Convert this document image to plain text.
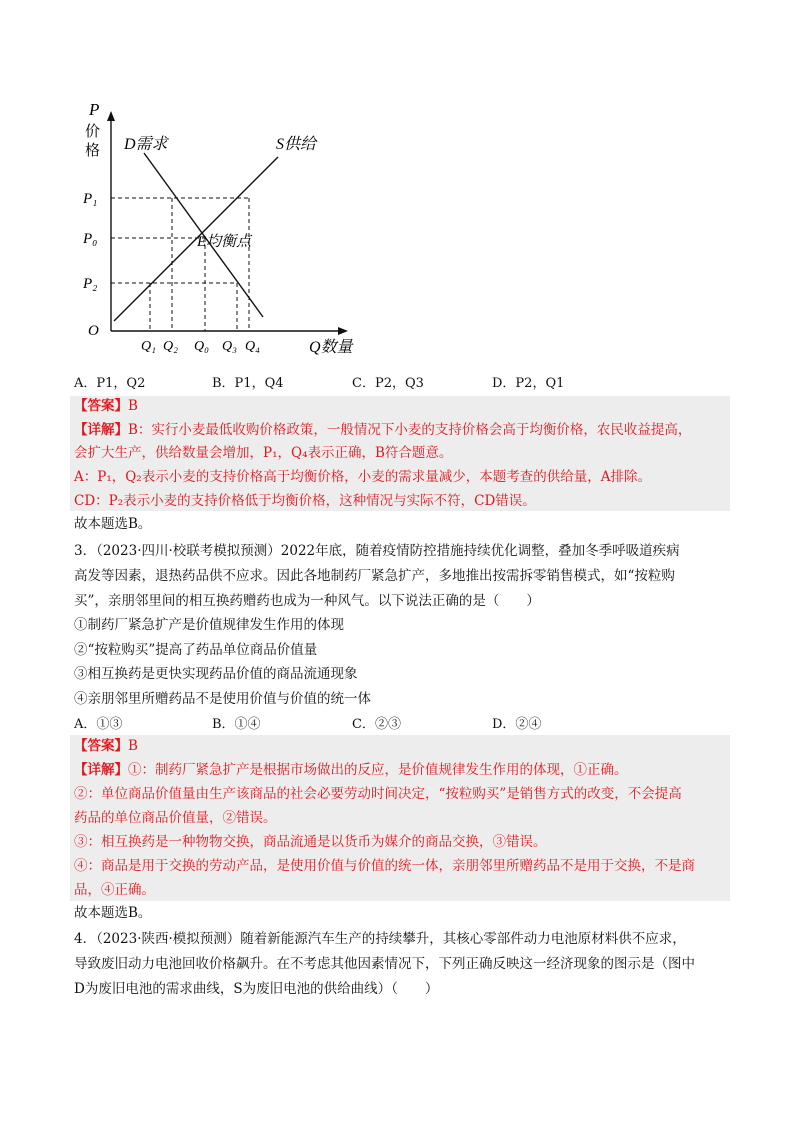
P
价
格 D需求	S供给
P₁
P₀
P₂
O
E均衡点
Q₁ Q₂ Q₀ Q₃ Q₄	Q数量
A．P1，Q2	B．P1，Q4	C．P2，Q3	D．P2，Q1
【答案】B
【详解】B：实行小麦最低收购价格政策，一般情况下小麦的支持价格会高于均衡价格，农民收益提高，
会扩大生产，供给数量会增加，P₁，Q₄表示正确，B符合题意。
A：P₁，Q₂表示小麦的支持价格高于均衡价格，小麦的需求量减少，本题考查的供给量，A排除。
CD：P₂表示小麦的支持价格低于均衡价格，这种情况与实际不符，CD错误。
故本题选B。
3．（2023·四川·校联考模拟预测）2022年底，随着疫情防控措施持续优化调整，叠加冬季呼吸道疾病
高发等因素，退热药品供不应求。因此各地制药厂紧急扩产，多地推出按需拆零销售模式，如“按粒购
买”，亲朋邻里间的相互换药赠药也成为一种风气。以下说法正确的是（　　）
①制药厂紧急扩产是价值规律发生作用的体现
②“按粒购买”提高了药品单位商品价值量
③相互换药是更快实现药品价值的商品流通现象
④亲朋邻里所赠药品不是使用价值与价值的统一体
A．①③	B．①④	C．②③	D．②④
【答案】B
【详解】①：制药厂紧急扩产是根据市场做出的反应，是价值规律发生作用的体现，①正确。
②：单位商品价值量由生产该商品的社会必要劳动时间决定，“按粒购买”是销售方式的改变，不会提高
药品的单位商品价值量，②错误。
③：相互换药是一种物物交换，商品流通是以货币为媒介的商品交换，③错误。
④：商品是用于交换的劳动产品，是使用价值与价值的统一体，亲朋邻里所赠药品不是用于交换，不是商
品，④正确。
故本题选B。
4．（2023·陕西·模拟预测）随着新能源汽车生产的持续攀升，其核心零部件动力电池原材料供不应求，
导致废旧动力电池回收价格飙升。在不考虑其他因素情况下，下列正确反映这一经济现象的图示是（图中
D为废旧电池的需求曲线，S为废旧电池的供给曲线）（　　）
